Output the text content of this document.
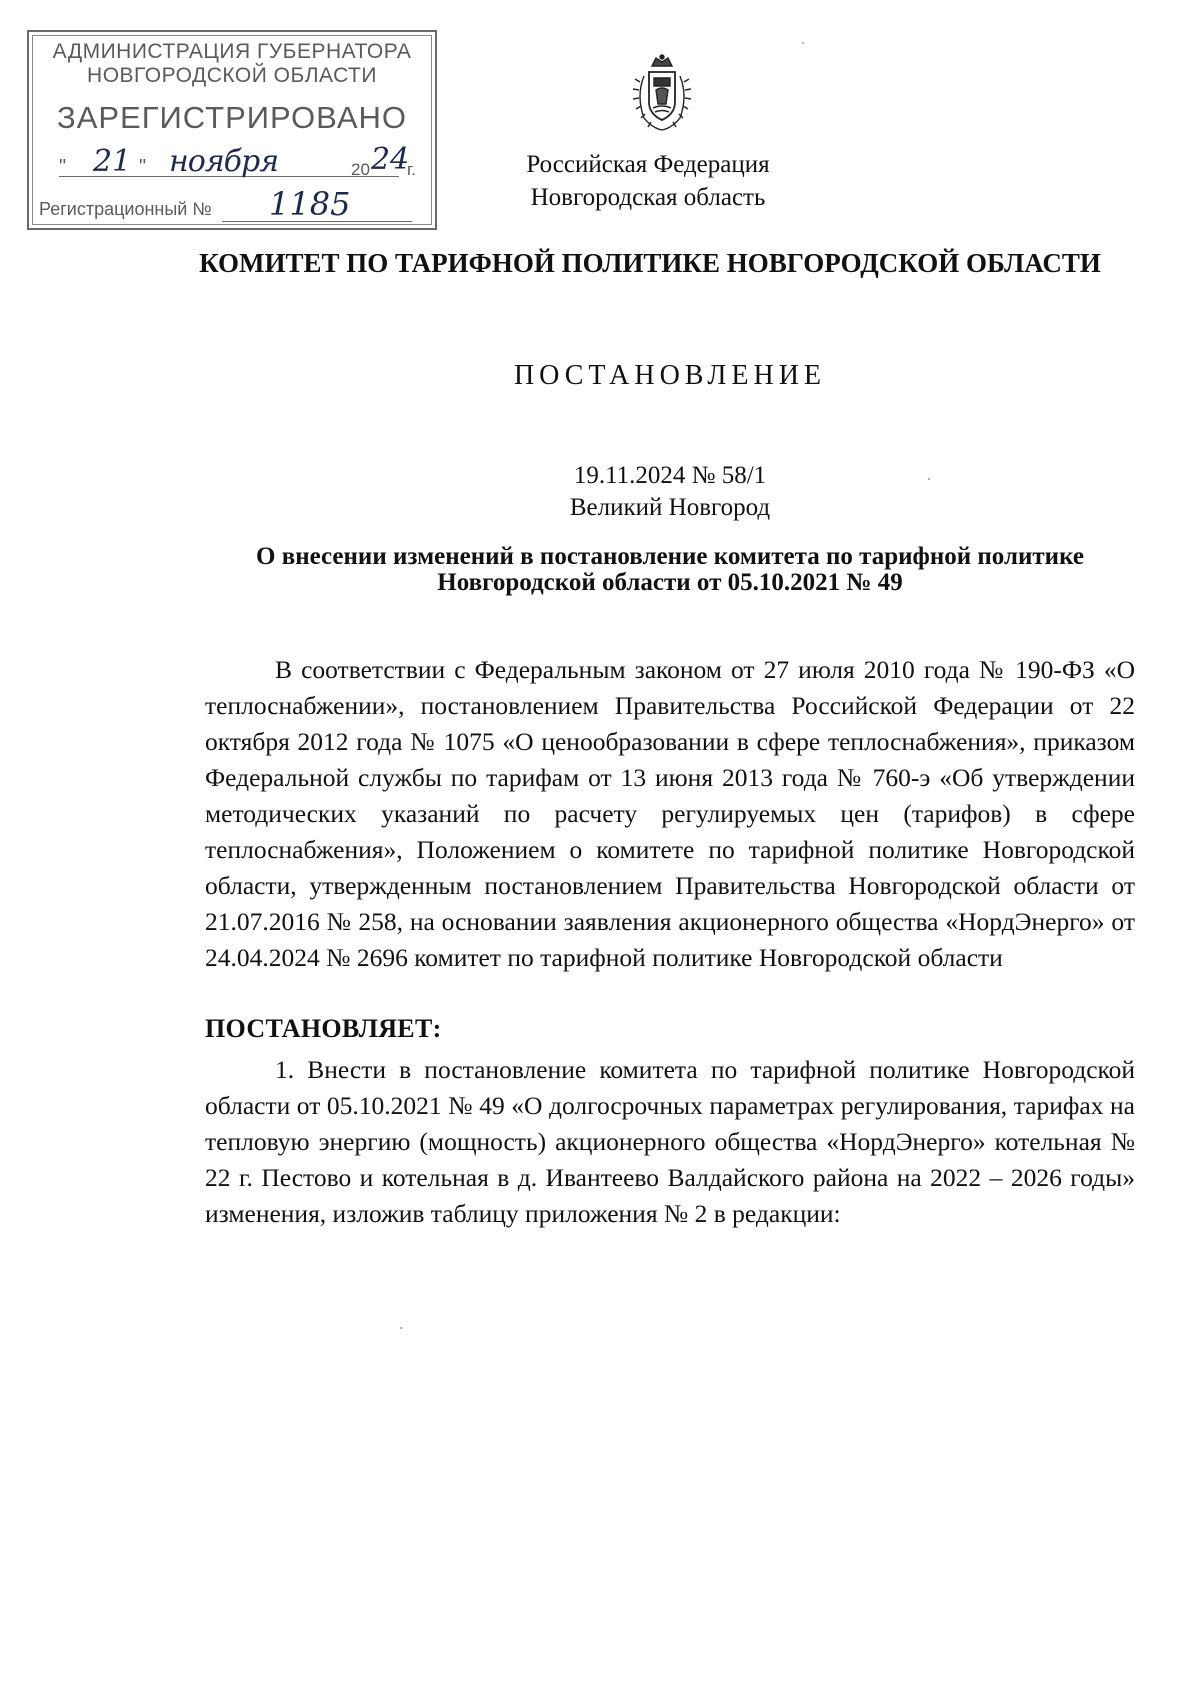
АДМИНИСТРАЦИЯ ГУБЕРНАТОРА
НОВГОРОДСКОЙ ОБЛАСТИ
ЗАРЕГИСТРИРОВАНО
" 21 " ноября	20 24
г.
Регистрационный № 1185
Российская Федерация
Новгородская область
КОМИТЕТ ПО ТАРИФНОЙ ПОЛИТИКЕ НОВГОРОДСКОЙ ОБЛАСТИ
ПОСТАНОВЛЕНИЕ
19.11.2024 № 58/1
Великий Новгород
О внесении изменений в постановление комитета по тарифной политике Новгородской области от 05.10.2021 № 49
В соответствии с Федеральным законом от 27 июля 2010 года № 190-ФЗ «О теплоснабжении», постановлением Правительства Российской Федерации от 22 октября 2012 года № 1075 «О ценообразовании в сфере теплоснабжения», приказом Федеральной службы по тарифам от 13 июня 2013 года № 760-э «Об утверждении методических указаний по расчету регулируемых цен (тарифов) в сфере теплоснабжения», Положением о комитете по тарифной политике Новгородской области, утвержденным постановлением Правительства Новгородской области от 21.07.2016 № 258, на основании заявления акционерного общества «НордЭнерго» от 24.04.2024 № 2696 комитет по тарифной политике Новгородской области
ПОСТАНОВЛЯЕТ:
1. Внести в постановление комитета по тарифной политике Новгородской области от 05.10.2021 № 49 «О долгосрочных параметрах регулирования, тарифах на тепловую энергию (мощность) акционерного общества «НордЭнерго» котельная № 22 г. Пестово и котельная в д. Ивантеево Валдайского района на 2022 – 2026 годы» изменения, изложив таблицу приложения № 2 в редакции:
